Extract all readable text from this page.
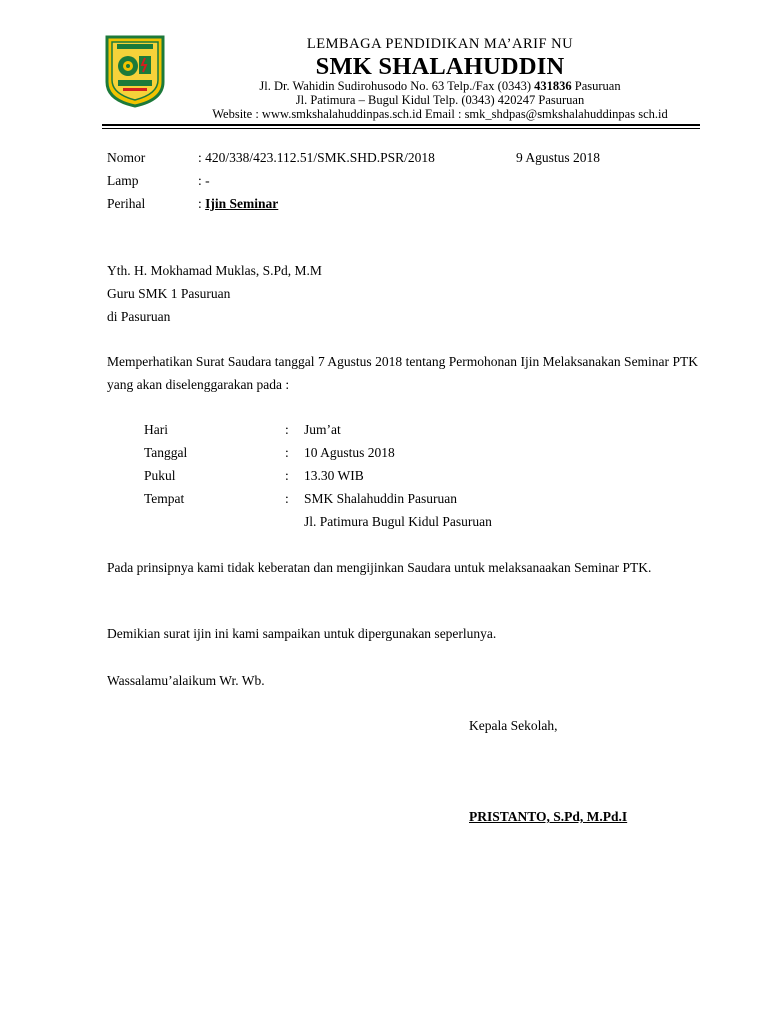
LEMBAGA PENDIDIKAN MA’ARIF NU
SMK SHALAHUDDIN
Jl. Dr. Wahidin Sudirohusodo No. 63 Telp./Fax (0343) 431836 Pasuruan
Jl. Patimura – Bugul Kidul Telp. (0343) 420247 Pasuruan
Website : www.smkshalahuddinpas.sch.id Email : smk_shdpas@smkshalahuddinpas sch.id
Nomor	: 420/338/423.112.51/SMK.SHD.PSR/2018	9 Agustus 2018
Lamp	: -
Perihal	: Ijin Seminar
Yth. H. Mokhamad Muklas, S.Pd, M.M
Guru SMK 1 Pasuruan
di Pasuruan
Memperhatikan Surat Saudara tanggal 7 Agustus 2018 tentang Permohonan Ijin Melaksanakan Seminar PTK yang akan diselenggarakan pada :
Hari	: Jum’at
Tanggal	: 10 Agustus 2018
Pukul	: 13.30 WIB
Tempat	: SMK Shalahuddin Pasuruan
Jl. Patimura Bugul Kidul Pasuruan
Pada prinsipnya kami tidak keberatan dan mengijinkan Saudara untuk melaksanaakan Seminar PTK.
Demikian surat ijin ini kami sampaikan untuk dipergunakan seperlunya.
Wassalamu’alaikum Wr. Wb.
Kepala Sekolah,
PRISTANTO, S.Pd, M.Pd.I
